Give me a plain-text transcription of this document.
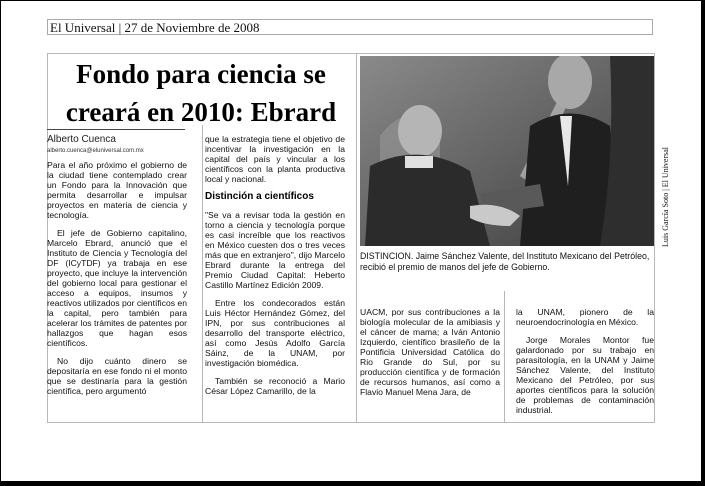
El Universal | 27 de Noviembre de 2008
Fondo para ciencia se
creará en 2010: Ebrard
Alberto Cuenca
alberto.cuenca@eluniversal.com.mx

Para el año próximo el gobierno de la ciudad tiene contemplado crear un Fondo para la Innovación que permita desarrollar e impulsar proyectos en materia de ciencia y tecnología.

El jefe de Gobierno capitalino, Marcelo Ebrard, anunció que el Instituto de Ciencia y Tecnología del DF (ICyTDF) ya trabaja en ese proyecto, que incluye la intervención del gobierno local para gestionar el acceso a equipos, insumos y reactivos utilizados por científicos en la capital, pero también para acelerar los trámites de patentes por hallazgos que hagan esos científicos.

No dijo cuánto dinero se depositaría en ese fondo ni el monto que se destinaría para la gestión científica, pero argumentó

que la estrategia tiene el objetivo de incentivar la investigación en la capital del país y vincular a los científicos con la planta productiva local y nacional.

Distinción a científicos

"Se va a revisar toda la gestión en torno a ciencia y tecnología porque es casi increíble que los reactivos en México cuesten dos o tres veces más que en extranjero", dijo Marcelo Ebrard durante la entrega del Premio Ciudad Capital: Heberto Castillo Martínez Edición 2009.

Entre los condecorados están Luis Héctor Hernández Gómez, del IPN, por sus contribuciones al desarrollo del transporte eléctrico, así como Jesús Adolfo García Sáinz, de la UNAM, por investigación biomédica.

También se reconoció a Mario César López Camarillo, de la

Luis García Soto | El Universal
DISTINCION. Jaime Sánchez Valente, del Instituto Mexicano del Petróleo, recibió el premio de manos del jefe de Gobierno.

UACM, por sus contribuciones a la biología molecular de la amibiasis y el cáncer de mama; a Iván Antonio Izquierdo, científico brasileño de la Pontificia Universidad Católica do Rio Grande do Sul, por su producción científica y de formación de recursos humanos, así como a Flavio Manuel Mena Jara, de

la UNAM, pionero de la neuroendocrinología en México.

Jorge Morales Montor fue galardonado por su trabajo en parasitología, en la UNAM y Jaime Sánchez Valente, del Instituto Mexicano del Petróleo, por sus aportes científicos para la solución de problemas de contaminación industrial.
